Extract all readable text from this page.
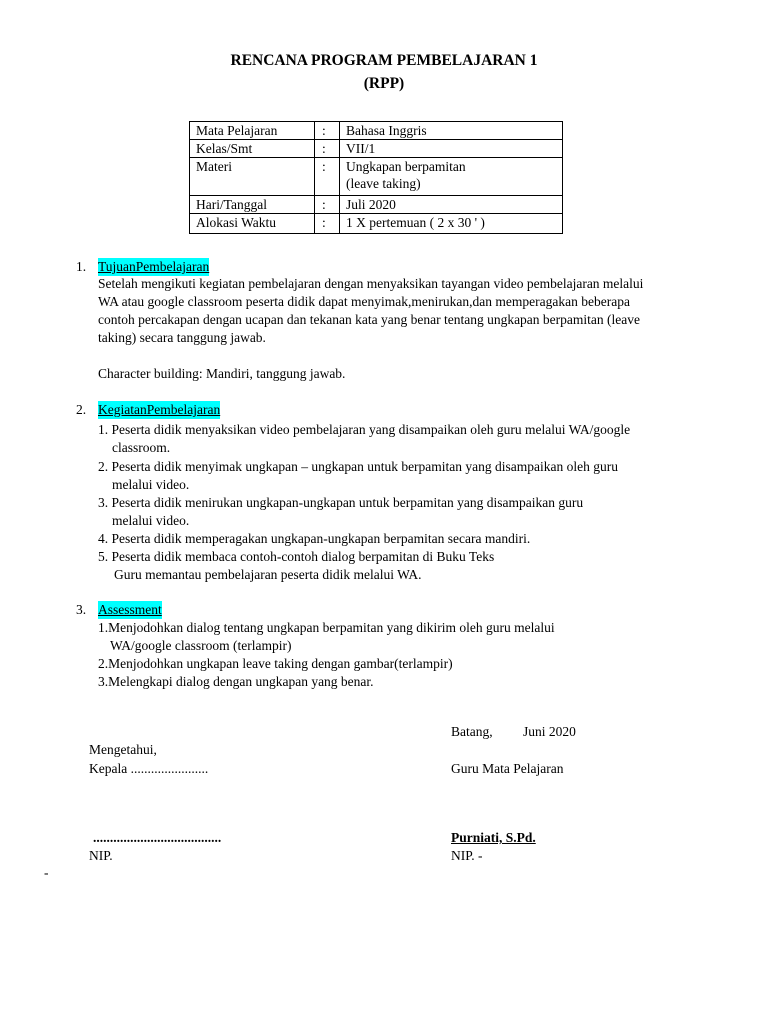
RENCANA PROGRAM PEMBELAJARAN 1
(RPP)
Mata Pelajaran	:	Bahasa Inggris
Kelas/Smt	:	VII/1
Materi	:	Ungkapan berpamitan
(leave taking)

Hari/Tanggal	:	Juli 2020
Alokasi Waktu	:	1 X pertemuan ( 2 x 30 ' )
1. TujuanPembelajaran
Setelah mengikuti kegiatan pembelajaran dengan menyaksikan tayangan video pembelajaran melalui
WA atau google classroom peserta didik dapat menyimak,menirukan,dan memperagakan beberapa
contoh percakapan dengan ucapan dan tekanan kata yang benar tentang ungkapan berpamitan (leave
taking) secara tanggung jawab.
Character building: Mandiri, tanggung jawab.
2. KegiatanPembelajaran
1. Peserta didik menyaksikan video pembelajaran yang disampaikan oleh guru melalui WA/google
classroom.
2. Peserta didik menyimak ungkapan – ungkapan untuk berpamitan yang disampaikan oleh guru
melalui video.
3. Peserta didik menirukan ungkapan-ungkapan untuk berpamitan yang disampaikan guru
melalui video.
4. Peserta didik memperagakan ungkapan-ungkapan berpamitan secara mandiri.
5. Peserta didik membaca contoh-contoh dialog berpamitan di Buku Teks
Guru memantau pembelajaran peserta didik melalui WA.
3. Assessment
1.Menjodohkan dialog tentang ungkapan berpamitan yang dikirim oleh guru melalui
WA/google classroom (terlampir)
2.Menjodohkan ungkapan leave taking dengan gambar(terlampir)
3.Melengkapi dialog dengan ungkapan yang benar.
Batang, Juni 2020
Mengetahui,
Kepala .......................	Guru Mata Pelajaran
......................................	Purniati, S.Pd.
NIP.	NIP. -
-
